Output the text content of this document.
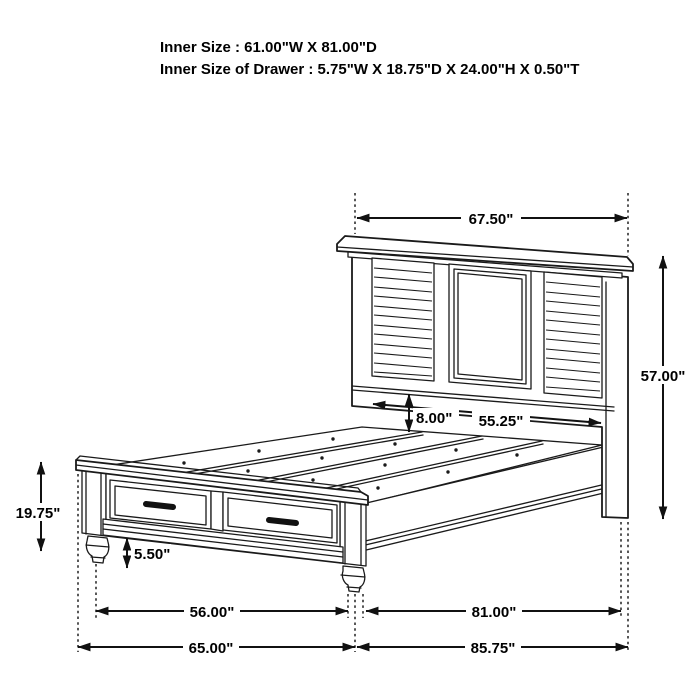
Inner Size : 61.00"W X 81.00"D
Inner Size of Drawer : 5.75"W X 18.75"D X 24.00"H X 0.50"T
67.50"
57.00"
8.00" 55.25"
19.75"
5.50"
56.00"	81.00"
65.00"	85.75"
